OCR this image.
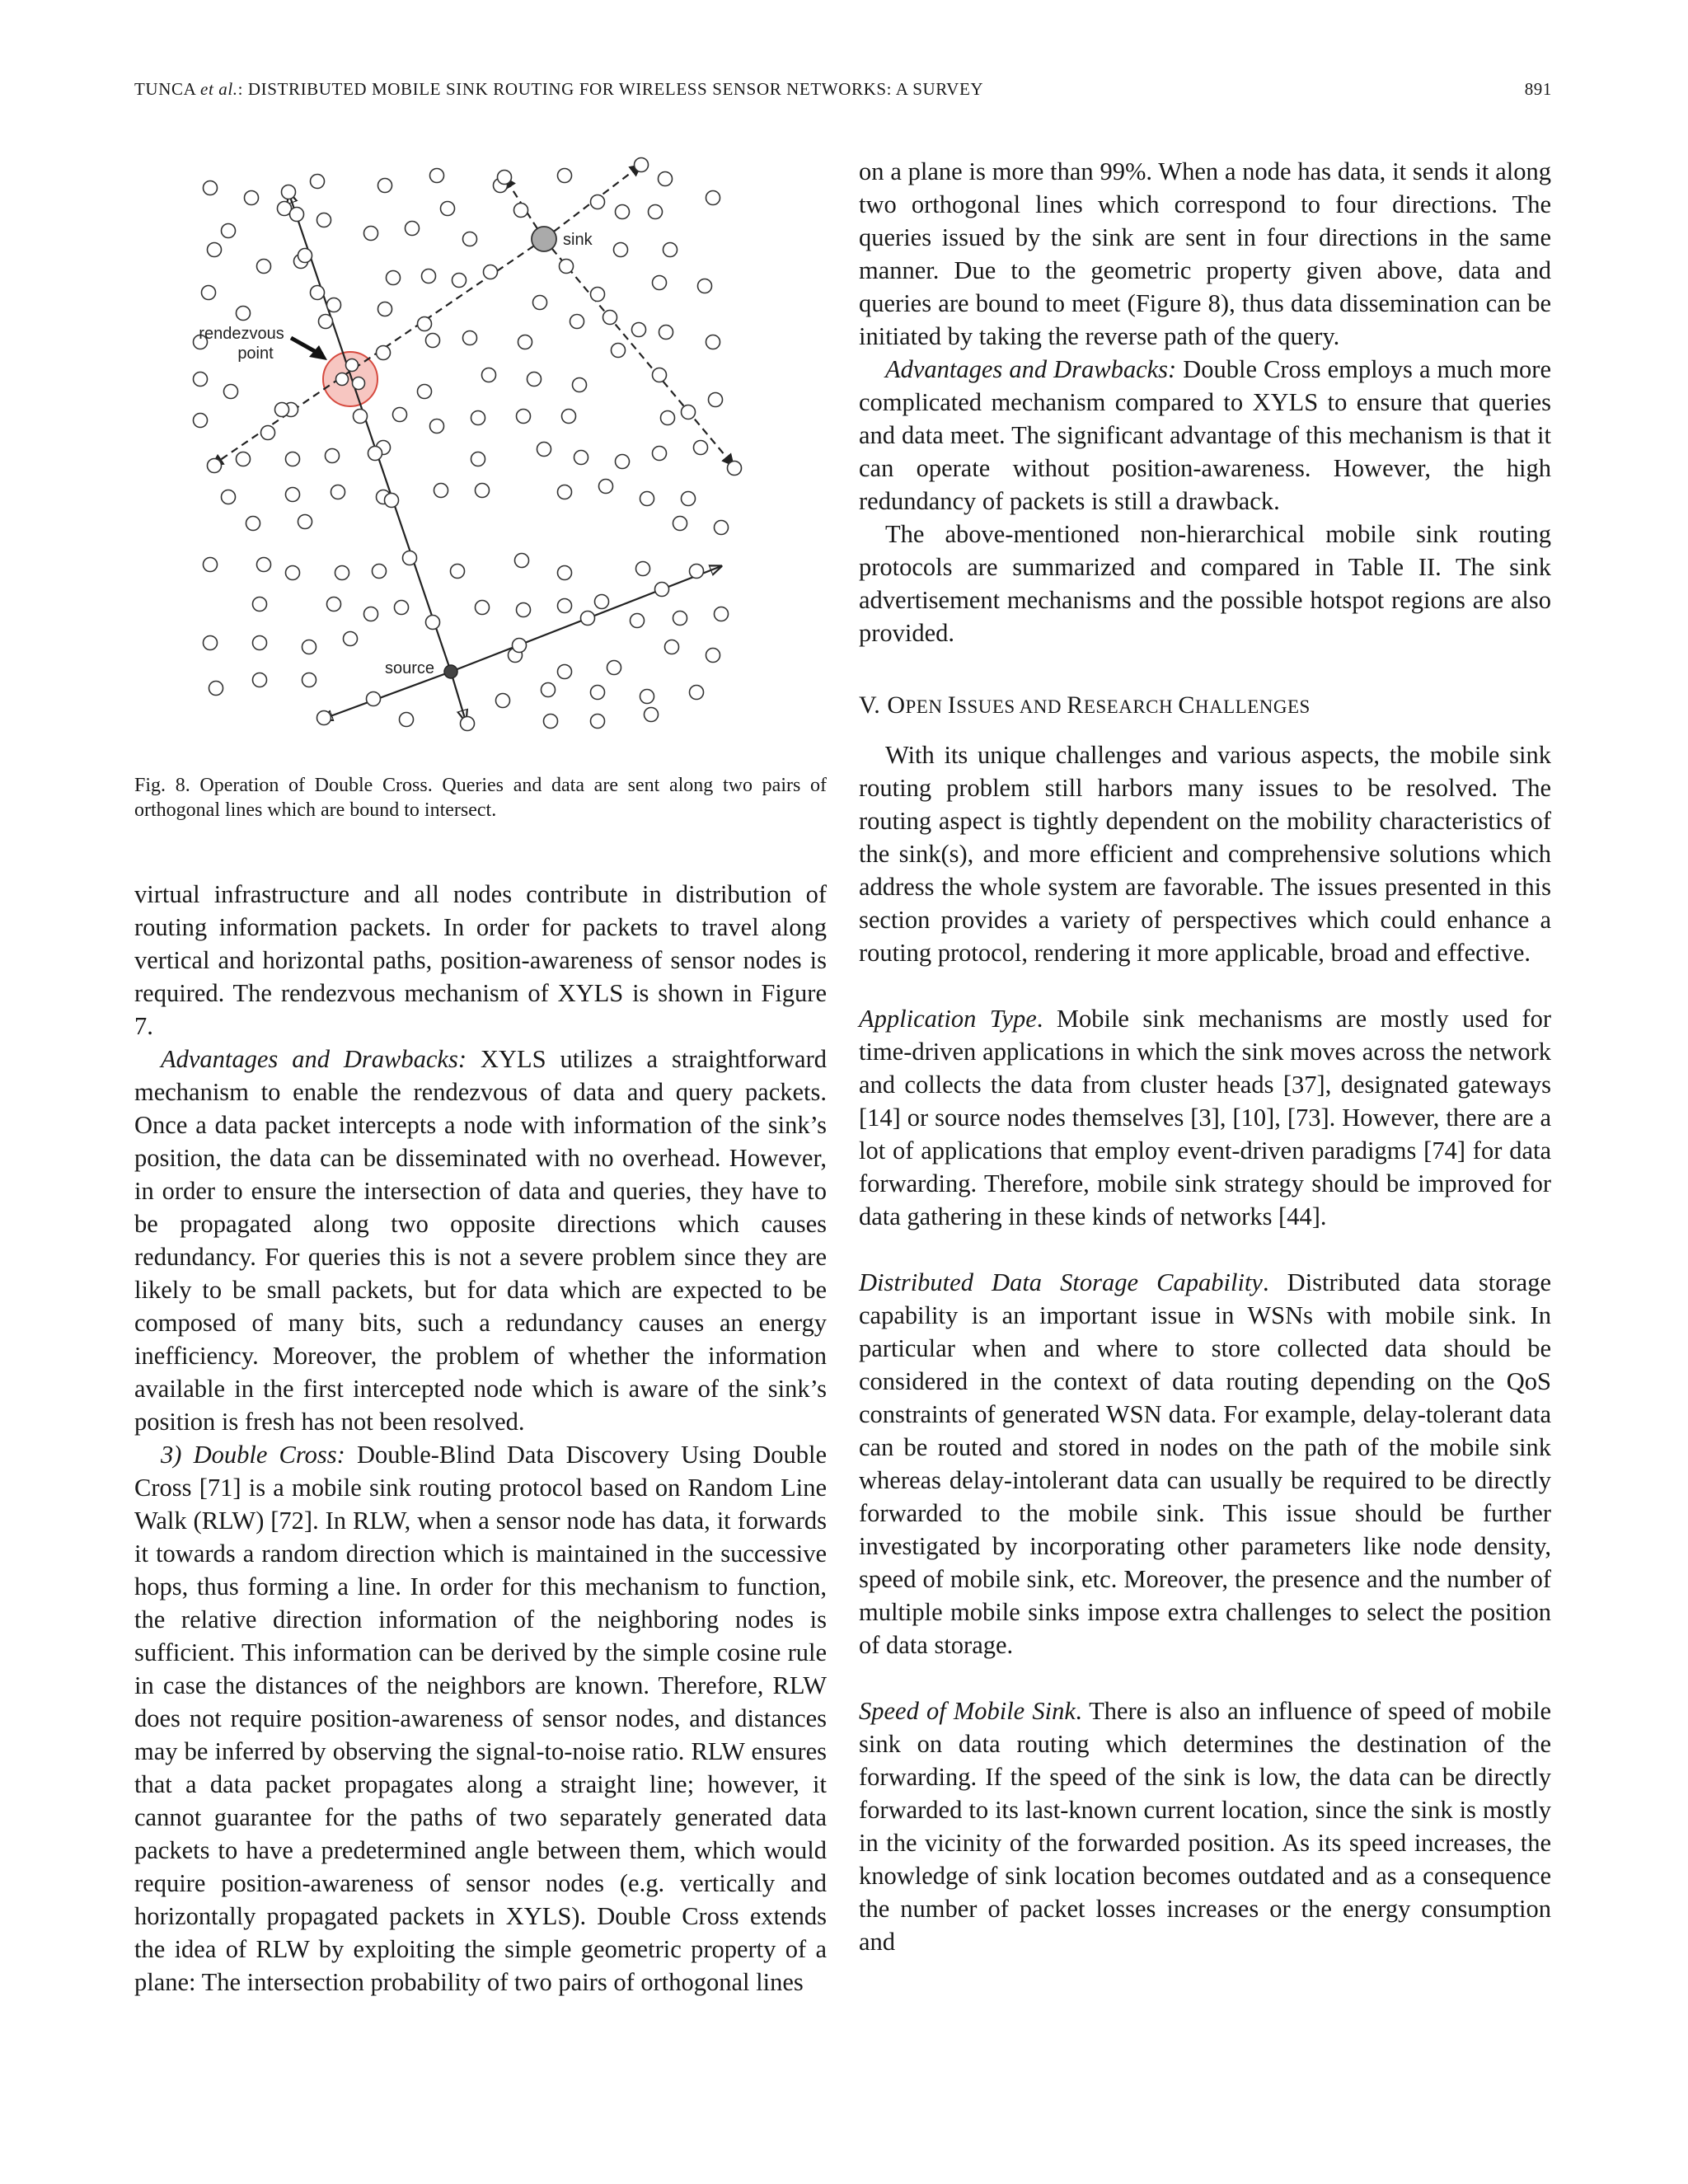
TUNCA et al.: DISTRIBUTED MOBILE SINK ROUTING FOR WIRELESS SENSOR NETWORKS: A SURVEY	891
sink
rendezvous
point
source
Fig. 8. Operation of Double Cross. Queries and data are sent along two pairs of orthogonal lines which are bound to intersect.

virtual infrastructure and all nodes contribute in distribution of routing information packets. In order for packets to travel along vertical and horizontal paths, position-awareness of sensor nodes is required. The rendezvous mechanism of XYLS is shown in Figure 7.

Advantages and Drawbacks: XYLS utilizes a straightforward mechanism to enable the rendezvous of data and query packets. Once a data packet intercepts a node with information of the sink’s position, the data can be disseminated with no overhead. However, in order to ensure the intersection of data and queries, they have to be propagated along two opposite directions which causes redundancy. For queries this is not a severe problem since they are likely to be small packets, but for data which are expected to be composed of many bits, such a redundancy causes an energy inefficiency. Moreover, the problem of whether the information available in the first intercepted node which is aware of the sink’s position is fresh has not been resolved.

3) Double Cross: Double-Blind Data Discovery Using Double Cross [71] is a mobile sink routing protocol based on Random Line Walk (RLW) [72]. In RLW, when a sensor node has data, it forwards it towards a random direction which is maintained in the successive hops, thus forming a line. In order for this mechanism to function, the relative direction information of the neighboring nodes is sufficient. This information can be derived by the simple cosine rule in case the distances of the neighbors are known. Therefore, RLW does not require position-awareness of sensor nodes, and distances may be inferred by observing the signal-to-noise ratio. RLW ensures that a data packet propagates along a straight line; however, it cannot guarantee for the paths of two separately generated data packets to have a predetermined angle between them, which would require position-awareness of sensor nodes (e.g. vertically and horizontally propagated packets in XYLS). Double Cross extends the idea of RLW by exploiting the simple geometric property of a plane: The intersection probability of two pairs of orthogonal lines

on a plane is more than 99%. When a node has data, it sends it along two orthogonal lines which correspond to four directions. The queries issued by the sink are sent in four directions in the same manner. Due to the geometric property given above, data and queries are bound to meet (Figure 8), thus data dissemination can be initiated by taking the reverse path of the query.

Advantages and Drawbacks: Double Cross employs a much more complicated mechanism compared to XYLS to ensure that queries and data meet. The significant advantage of this mechanism is that it can operate without position-awareness. However, the high redundancy of packets is still a drawback.

The above-mentioned non-hierarchical mobile sink routing protocols are summarized and compared in Table II. The sink advertisement mechanisms and the possible hotspot regions are also provided.

V. OPEN ISSUES AND RESEARCH CHALLENGES

With its unique challenges and various aspects, the mobile sink routing problem still harbors many issues to be resolved. The routing aspect is tightly dependent on the mobility characteristics of the sink(s), and more efficient and comprehensive solutions which address the whole system are favorable. The issues presented in this section provides a variety of perspectives which could enhance a routing protocol, rendering it more applicable, broad and effective.

Application Type. Mobile sink mechanisms are mostly used for time-driven applications in which the sink moves across the network and collects the data from cluster heads [37], designated gateways [14] or source nodes themselves [3], [10], [73]. However, there are a lot of applications that employ event-driven paradigms [74] for data forwarding. Therefore, mobile sink strategy should be improved for data gathering in these kinds of networks [44].

Distributed Data Storage Capability. Distributed data storage capability is an important issue in WSNs with mobile sink. In particular when and where to store collected data should be considered in the context of data routing depending on the QoS constraints of generated WSN data. For example, delay-tolerant data can be routed and stored in nodes on the path of the mobile sink whereas delay-intolerant data can usually be required to be directly forwarded to the mobile sink. This issue should be further investigated by incorporating other parameters like node density, speed of mobile sink, etc. Moreover, the presence and the number of multiple mobile sinks impose extra challenges to select the position of data storage.

Speed of Mobile Sink. There is also an influence of speed of mobile sink on data routing which determines the destination of the forwarding. If the speed of the sink is low, the data can be directly forwarded to its last-known current location, since the sink is mostly in the vicinity of the forwarded position. As its speed increases, the knowledge of sink location becomes outdated and as a consequence the number of packet losses increases or the energy consumption and
